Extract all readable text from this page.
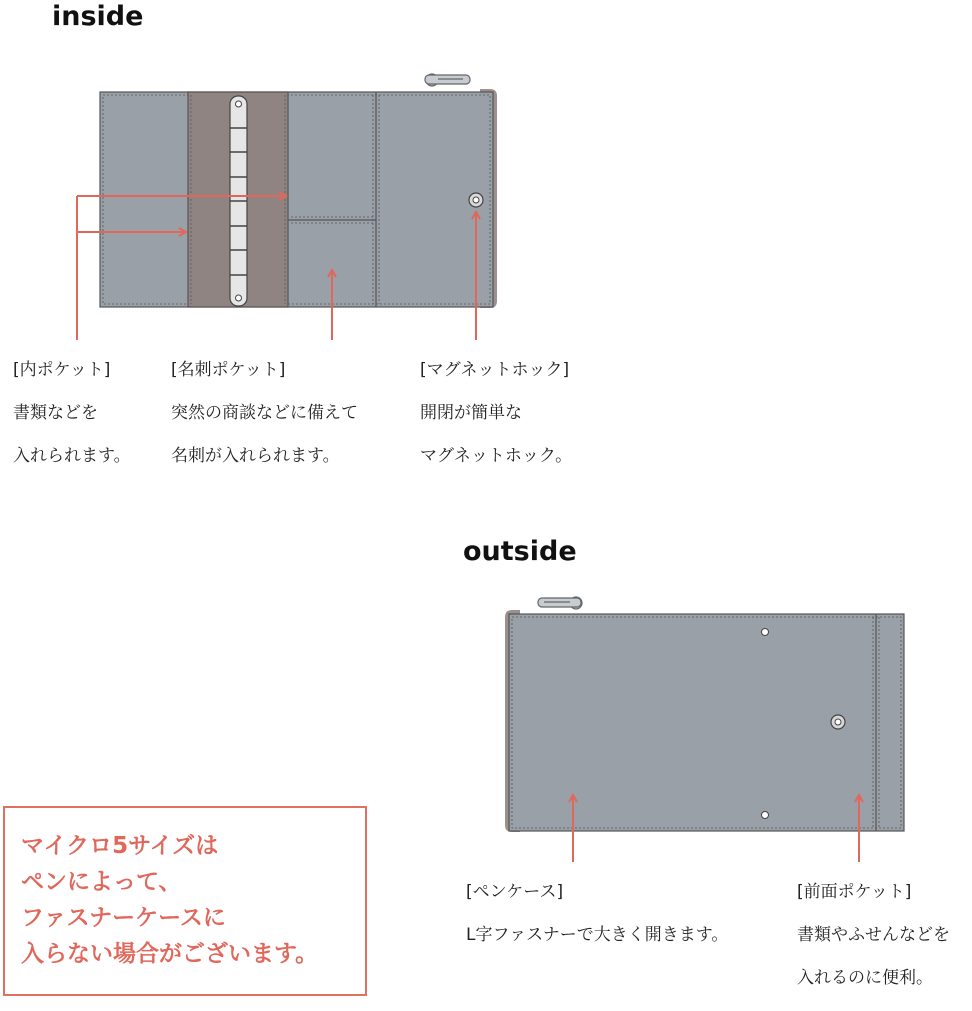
inside
outside
[内ポケット]
書類などを
入れられます。
[名刺ポケット]
突然の商談などに備えて
名刺が入れられます。
[マグネットホック]
開閉が簡単な
マグネットホック。
[ペンケース]
L字ファスナーで大きく開きます。
[前面ポケット]
書類やふせんなどを
入れるのに便利。
マイクロ5サイズは
ペンによって、
ファスナーケースに
入らない場合がございます。
